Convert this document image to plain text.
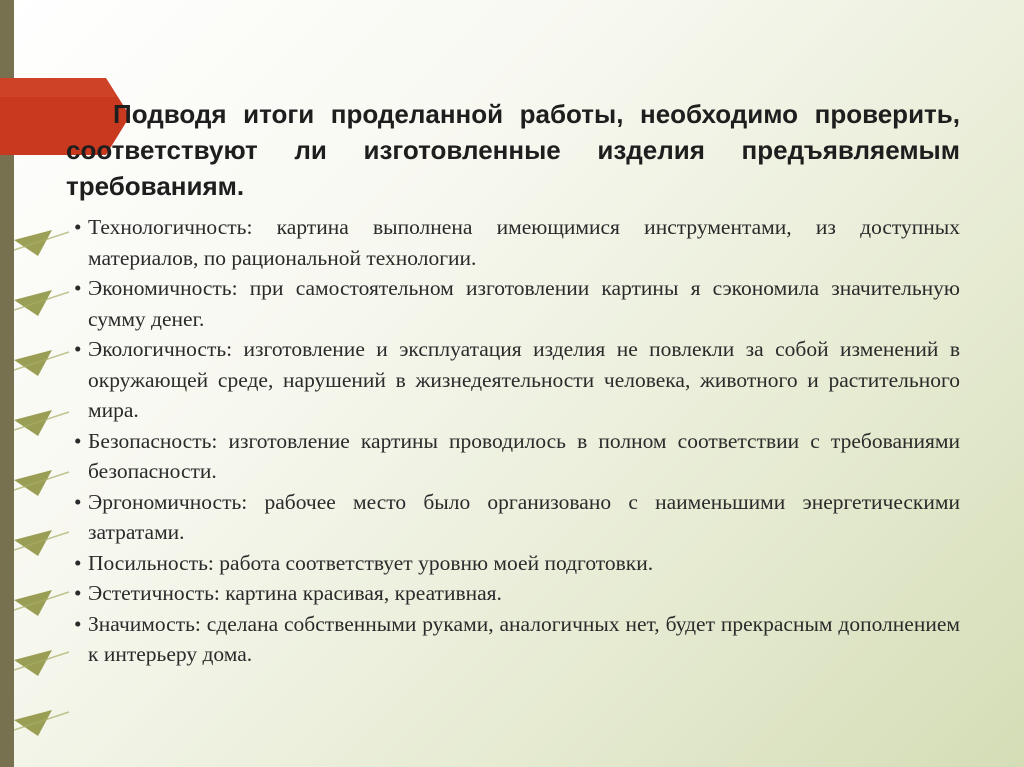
Подводя итоги проделанной работы, необходимо проверить, соответствуют ли изготовленные изделия предъявляемым требованиям.

• Технологичность: картина выполнена имеющимися инструментами, из доступных материалов, по рациональной технологии.
• Экономичность: при самостоятельном изготовлении картины я сэкономила значительную сумму денег.
• Экологичность: изготовление и эксплуатация изделия не повлекли за собой изменений в окружающей среде, нарушений в жизнедеятельности человека, животного и растительного мира.
• Безопасность: изготовление картины проводилось в полном соответствии с требованиями безопасности.
• Эргономичность: рабочее место было организовано с наименьшими энергетическими затратами.
• Посильность: работа соответствует уровню моей подготовки.
• Эстетичность: картина красивая, креативная.
• Значимость: сделана собственными руками, аналогичных нет, будет прекрасным дополнением к интерьеру дома.
